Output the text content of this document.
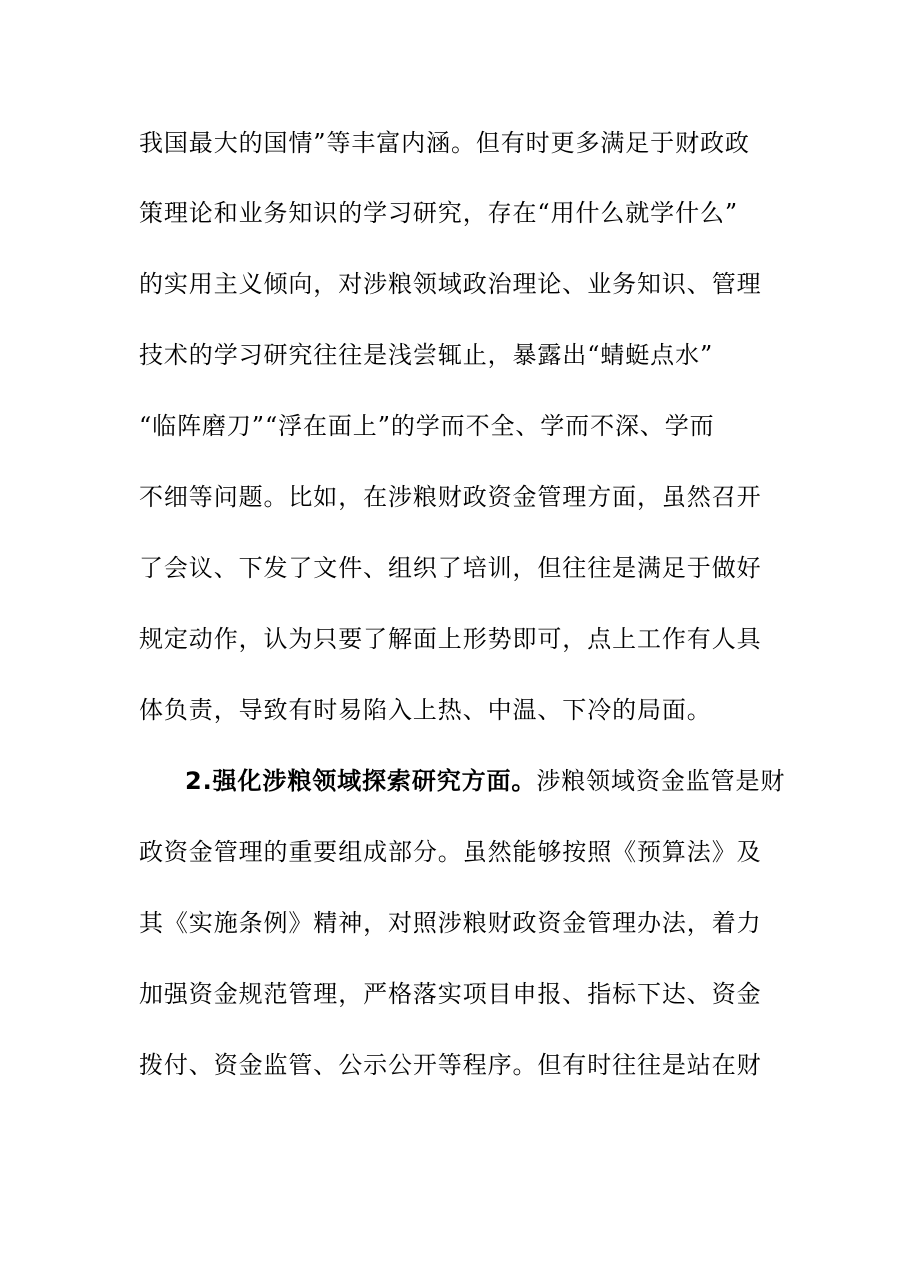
我国最大的国情”等丰富内涵。但有时更多满足于财政政
策理论和业务知识的学习研究，存在“用什么就学什么”
的实用主义倾向，对涉粮领域政治理论、业务知识、管理
技术的学习研究往往是浅尝辄止，暴露出“蜻蜓点水”
“临阵磨刀”“浮在面上”的学而不全、学而不深、学而
不细等问题。比如，在涉粮财政资金管理方面，虽然召开
了会议、下发了文件、组织了培训，但往往是满足于做好
规定动作，认为只要了解面上形势即可，点上工作有人具
体负责，导致有时易陷入上热、中温、下冷的局面。
2.强化涉粮领域探索研究方面。涉粮领域资金监管是财
政资金管理的重要组成部分。虽然能够按照《预算法》及
其《实施条例》精神，对照涉粮财政资金管理办法，着力
加强资金规范管理，严格落实项目申报、指标下达、资金
拨付、资金监管、公示公开等程序。但有时往往是站在财
